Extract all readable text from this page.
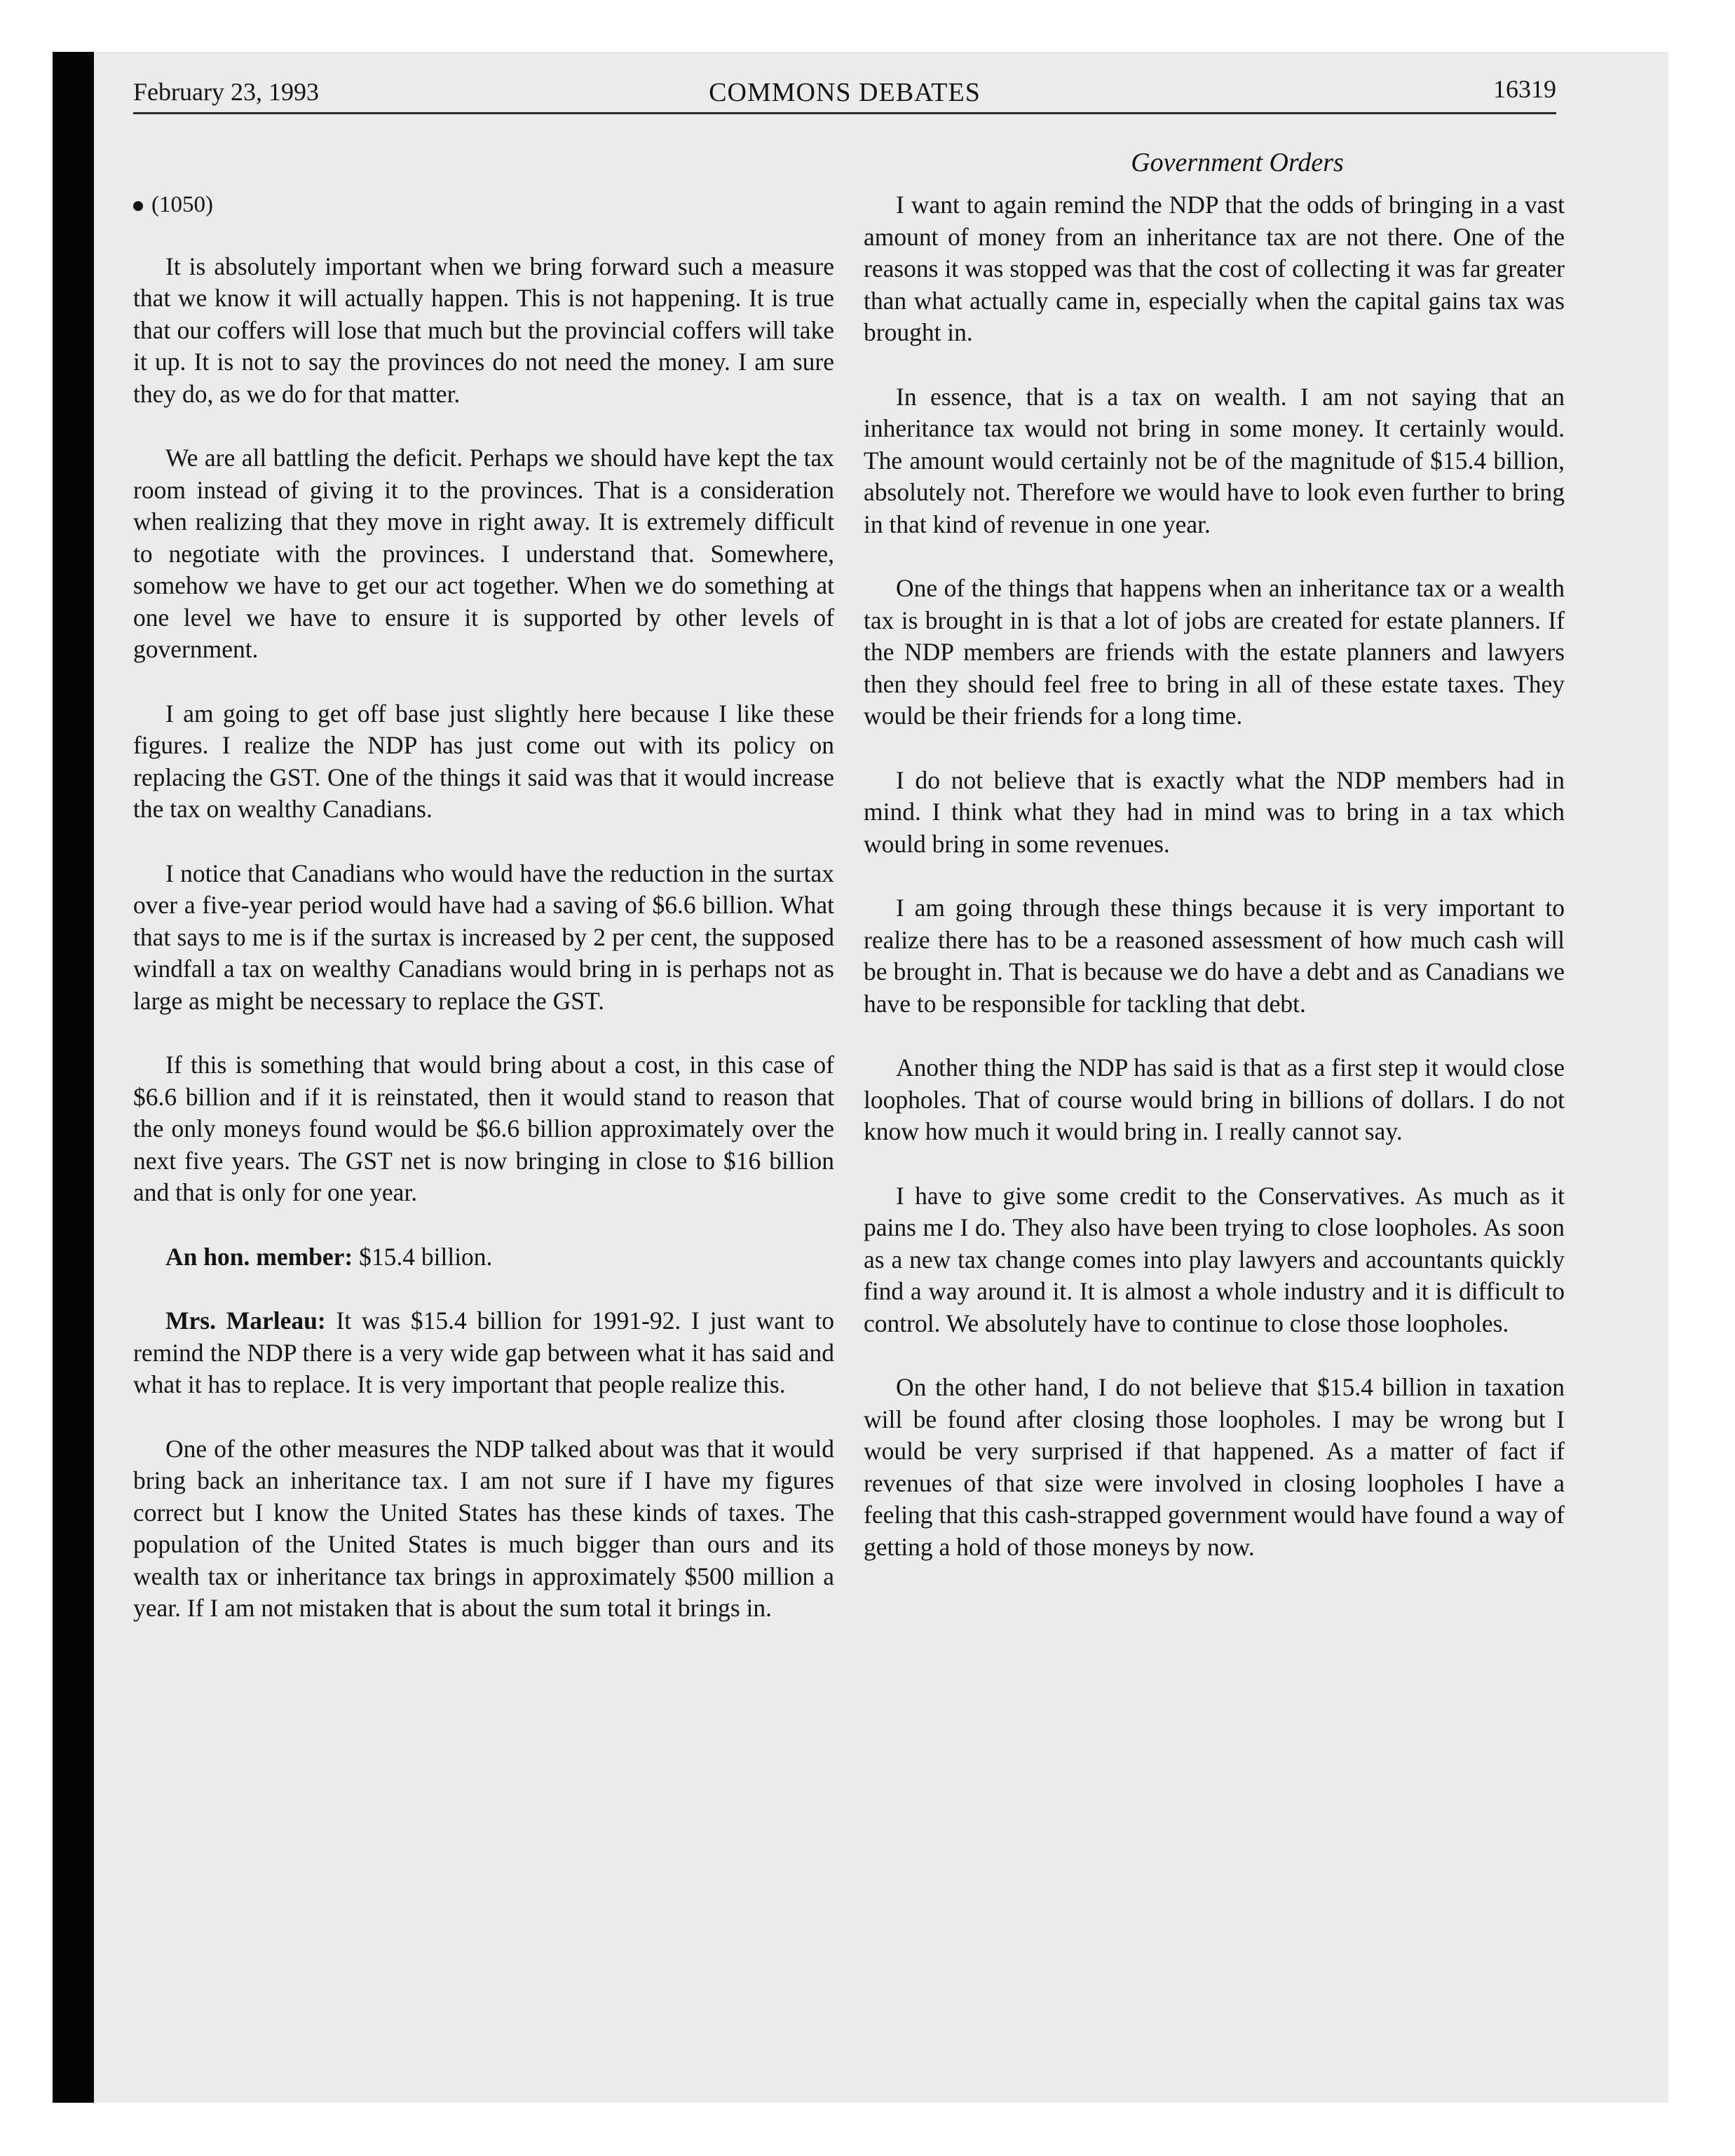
February 23, 1993	COMMONS DEBATES	16319
Government Orders

(1050)

It is absolutely important when we bring forward such a measure that we know it will actually happen. This is not happening. It is true that our coffers will lose that much but the provincial coffers will take it up. It is not to say the provinces do not need the money. I am sure they do, as we do for that matter.

We are all battling the deficit. Perhaps we should have kept the tax room instead of giving it to the provinces. That is a consideration when realizing that they move in right away. It is extremely difficult to negotiate with the provinces. I understand that. Somewhere, somehow we have to get our act together. When we do something at one level we have to ensure it is supported by other levels of government.

I am going to get off base just slightly here because I like these figures. I realize the NDP has just come out with its policy on replacing the GST. One of the things it said was that it would increase the tax on wealthy Canadians.

I notice that Canadians who would have the reduction in the surtax over a five-year period would have had a saving of $6.6 billion. What that says to me is if the surtax is increased by 2 per cent, the supposed windfall a tax on wealthy Canadians would bring in is perhaps not as large as might be necessary to replace the GST.

If this is something that would bring about a cost, in this case of $6.6 billion and if it is reinstated, then it would stand to reason that the only moneys found would be $6.6 billion approximately over the next five years. The GST net is now bringing in close to $16 billion and that is only for one year.

An hon. member: $15.4 billion.

Mrs. Marleau: It was $15.4 billion for 1991-92. I just want to remind the NDP there is a very wide gap between what it has said and what it has to replace. It is very important that people realize this.

One of the other measures the NDP talked about was that it would bring back an inheritance tax. I am not sure if I have my figures correct but I know the United States has these kinds of taxes. The population of the United States is much bigger than ours and its wealth tax or inheritance tax brings in approximately $500 million a year. If I am not mistaken that is about the sum total it brings in.

I want to again remind the NDP that the odds of bringing in a vast amount of money from an inheritance tax are not there. One of the reasons it was stopped was that the cost of collecting it was far greater than what actually came in, especially when the capital gains tax was brought in.

In essence, that is a tax on wealth. I am not saying that an inheritance tax would not bring in some money. It certainly would. The amount would certainly not be of the magnitude of $15.4 billion, absolutely not. Therefore we would have to look even further to bring in that kind of revenue in one year.

One of the things that happens when an inheritance tax or a wealth tax is brought in is that a lot of jobs are created for estate planners. If the NDP members are friends with the estate planners and lawyers then they should feel free to bring in all of these estate taxes. They would be their friends for a long time.

I do not believe that is exactly what the NDP members had in mind. I think what they had in mind was to bring in a tax which would bring in some revenues.

I am going through these things because it is very important to realize there has to be a reasoned assessment of how much cash will be brought in. That is because we do have a debt and as Canadians we have to be responsible for tackling that debt.

Another thing the NDP has said is that as a first step it would close loopholes. That of course would bring in billions of dollars. I do not know how much it would bring in. I really cannot say.

I have to give some credit to the Conservatives. As much as it pains me I do. They also have been trying to close loopholes. As soon as a new tax change comes into play lawyers and accountants quickly find a way around it. It is almost a whole industry and it is difficult to control. We absolutely have to continue to close those loopholes.

On the other hand, I do not believe that $15.4 billion in taxation will be found after closing those loopholes. I may be wrong but I would be very surprised if that happened. As a matter of fact if revenues of that size were involved in closing loopholes I have a feeling that this cash-strapped government would have found a way of getting a hold of those moneys by now.
